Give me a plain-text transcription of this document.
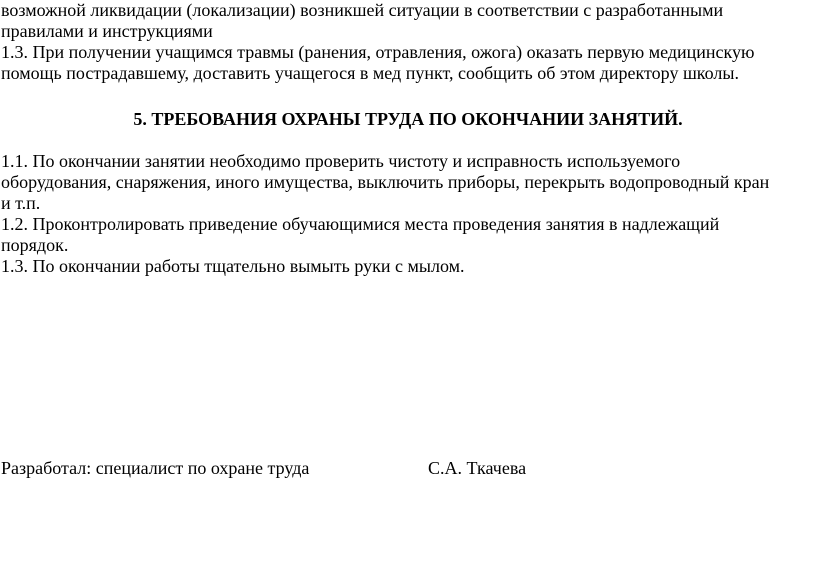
возможной ликвидации (локализации) возникшей ситуации в соответствии с разработанными
правилами и инструкциями
1.3. При получении учащимся травмы (ранения, отравления, ожога) оказать первую медицинскую
помощь пострадавшему, доставить учащегося в мед пункт, сообщить об этом директору школы.
5. ТРЕБОВАНИЯ ОХРАНЫ ТРУДА ПО ОКОНЧАНИИ ЗАНЯТИЙ.
1.1. По окончании занятии необходимо проверить чистоту и исправность используемого
оборудования, снаряжения, иного имущества, выключить приборы, перекрыть водопроводный кран
и т.п.
1.2. Проконтролировать приведение обучающимися места проведения занятия в надлежащий
порядок.
1.3. По окончании работы тщательно вымыть руки с мылом.
Разработал: специалист по охране труда	С.А. Ткачева
